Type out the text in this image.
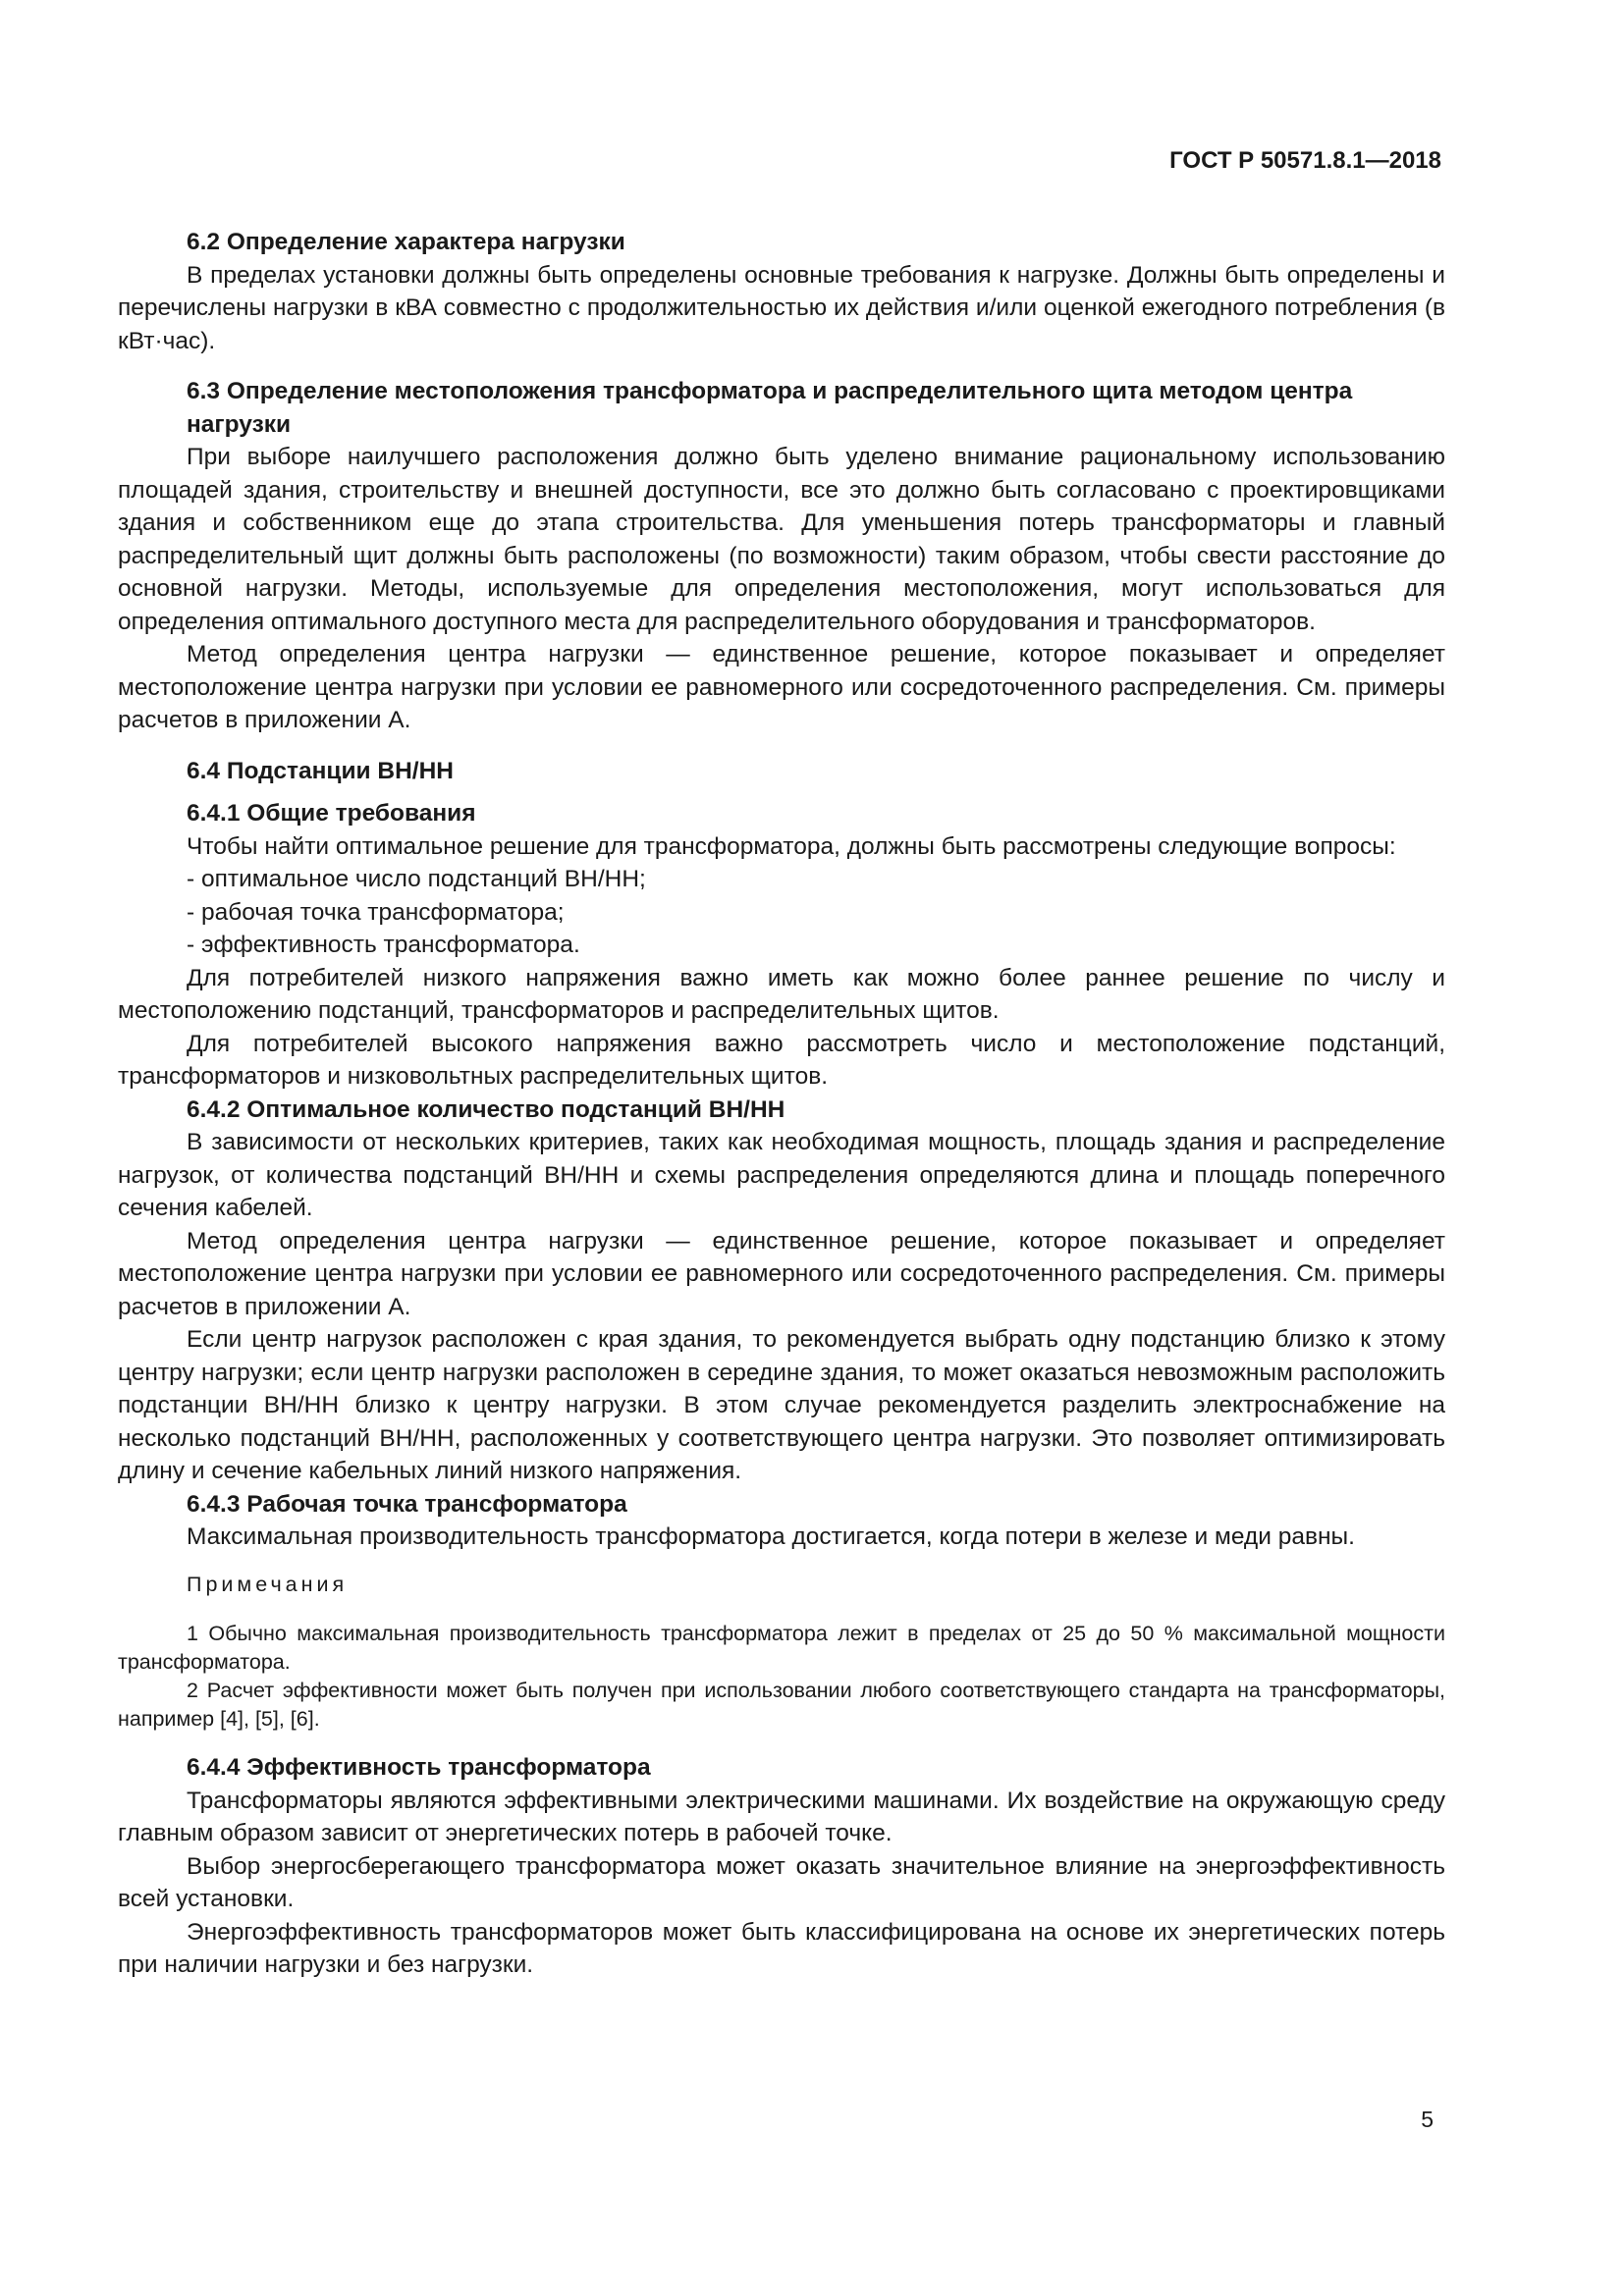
ГОСТ Р 50571.8.1—2018

6.2 Определение характера нагрузки

В пределах установки должны быть определены основные требования к нагрузке. Должны быть определены и перечислены нагрузки в кВА совместно с продолжительностью их действия и/или оценкой ежегодного потребления (в кВт·час).

6.3 Определение местоположения трансформатора и распределительного щита методом центра нагрузки

При выборе наилучшего расположения должно быть уделено внимание рациональному использованию площадей здания, строительству и внешней доступности, все это должно быть согласовано с проектировщиками здания и собственником еще до этапа строительства. Для уменьшения потерь трансформаторы и главный распределительный щит должны быть расположены (по возможности) таким образом, чтобы свести расстояние до основной нагрузки. Методы, используемые для определения местоположения, могут использоваться для определения оптимального доступного места для распределительного оборудования и трансформаторов.

Метод определения центра нагрузки — единственное решение, которое показывает и определяет местоположение центра нагрузки при условии ее равномерного или сосредоточенного распределения. См. примеры расчетов в приложении А.

6.4 Подстанции ВН/НН

6.4.1 Общие требования

Чтобы найти оптимальное решение для трансформатора, должны быть рассмотрены следующие вопросы:

- оптимальное число подстанций ВН/НН;

- рабочая точка трансформатора;

- эффективность трансформатора.

Для потребителей низкого напряжения важно иметь как можно более раннее решение по числу и местоположению подстанций, трансформаторов и распределительных щитов.

Для потребителей высокого напряжения важно рассмотреть число и местоположение подстанций, трансформаторов и низковольтных распределительных щитов.

6.4.2 Оптимальное количество подстанций ВН/НН

В зависимости от нескольких критериев, таких как необходимая мощность, площадь здания и распределение нагрузок, от количества подстанций ВН/НН и схемы распределения определяются длина и площадь поперечного сечения кабелей.

Метод определения центра нагрузки — единственное решение, которое показывает и определяет местоположение центра нагрузки при условии ее равномерного или сосредоточенного распределения. См. примеры расчетов в приложении А.

Если центр нагрузок расположен с края здания, то рекомендуется выбрать одну подстанцию близко к этому центру нагрузки; если центр нагрузки расположен в середине здания, то может оказаться невозможным расположить подстанции ВН/НН близко к центру нагрузки. В этом случае рекомендуется разделить электроснабжение на несколько подстанций ВН/НН, расположенных у соответствующего центра нагрузки. Это позволяет оптимизировать длину и сечение кабельных линий низкого напряжения.

6.4.3 Рабочая точка трансформатора

Максимальная производительность трансформатора достигается, когда потери в железе и меди равны.

Примечания

1 Обычно максимальная производительность трансформатора лежит в пределах от 25 до 50 % максимальной мощности трансформатора.

2 Расчет эффективности может быть получен при использовании любого соответствующего стандарта на трансформаторы, например [4], [5], [6].

6.4.4 Эффективность трансформатора

Трансформаторы являются эффективными электрическими машинами. Их воздействие на окружающую среду главным образом зависит от энергетических потерь в рабочей точке.

Выбор энергосберегающего трансформатора может оказать значительное влияние на энергоэффективность всей установки.

Энергоэффективность трансформаторов может быть классифицирована на основе их энергетических потерь при наличии нагрузки и без нагрузки.

5
